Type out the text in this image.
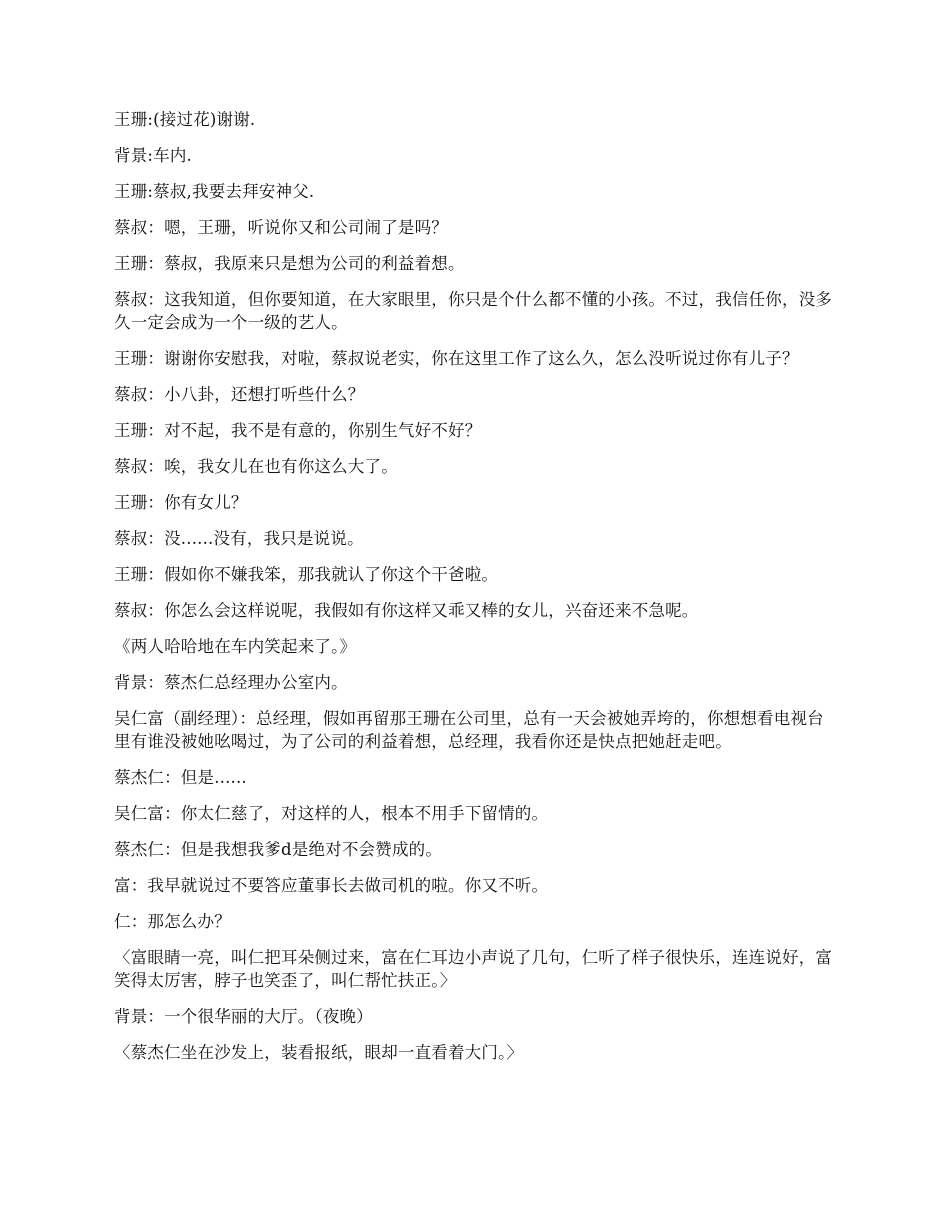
王珊:(接过花)谢谢.

背景:车内.

王珊:蔡叔,我要去拜安神父.

蔡叔：嗯，王珊，听说你又和公司闹了是吗？

王珊：蔡叔，我原来只是想为公司的利益着想。

蔡叔：这我知道，但你要知道，在大家眼里，你只是个什么都不懂的小孩。不过，我信任你，没多久一定会成为一个一级的艺人。

王珊：谢谢你安慰我，对啦，蔡叔说老实，你在这里工作了这么久，怎么没听说过你有儿子？

蔡叔：小八卦，还想打听些什么？

王珊：对不起，我不是有意的，你别生气好不好？

蔡叔：唉，我女儿在也有你这么大了。

王珊：你有女儿？

蔡叔：没......没有，我只是说说。

王珊：假如你不嫌我笨，那我就认了你这个干爸啦。

蔡叔：你怎么会这样说呢，我假如有你这样又乖又棒的女儿，兴奋还来不急呢。

《两人哈哈地在车内笑起来了。》

背景：蔡杰仁总经理办公室内。

吴仁富（副经理）：总经理，假如再留那王珊在公司里，总有一天会被她弄垮的，你想想看电视台里有谁没被她吆喝过，为了公司的利益着想，总经理，我看你还是快点把她赶走吧。

蔡杰仁：但是......

吴仁富：你太仁慈了，对这样的人，根本不用手下留情的。

蔡杰仁：但是我想我爹d是绝对不会赞成的。

富：我早就说过不要答应董事长去做司机的啦。你又不听。

仁：那怎么办？

〈富眼睛一亮，叫仁把耳朵侧过来，富在仁耳边小声说了几句，仁听了样子很快乐，连连说好，富笑得太厉害，脖子也笑歪了，叫仁帮忙扶正。〉

背景：一个很华丽的大厅。（夜晚）

〈蔡杰仁坐在沙发上，装看报纸，眼却一直看着大门。〉
